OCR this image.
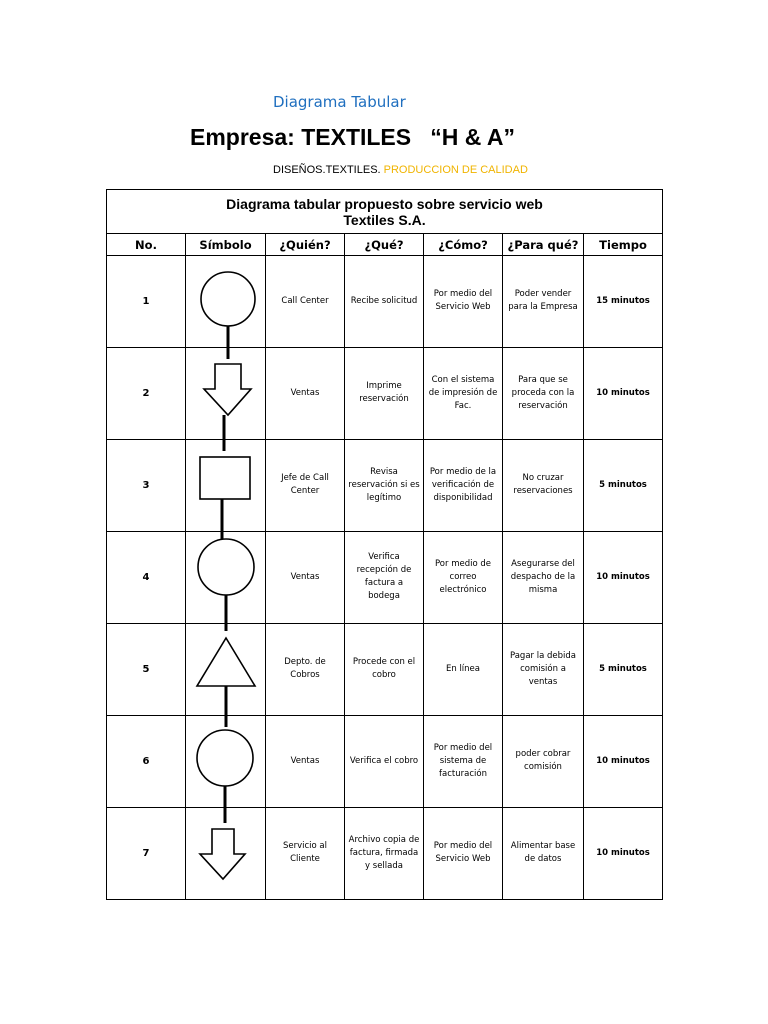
Diagrama Tabular
Empresa: TEXTILES   “H & A”
DISEÑOS.TEXTILES. PRODUCCION DE CALIDAD
Diagrama tabular propuesto sobre servicio web
Textiles S.A.						

No.	Símbolo	¿Quién?	¿Qué?	¿Cómo?	¿Para qué?	Tiempo
1		Call Center	Recibe solicitud	Por medio del Servicio Web	Poder vender para la Empresa	15 minutos
2		Ventas	Imprime reservación	Con el sistema de impresión de Fac.	Para que se proceda con la reservación	10 minutos
3		Jefe de Call Center	Revisa reservación si es legítimo	Por medio de la verificación de disponibilidad	No cruzar reservaciones	5 minutos
4		Ventas	Verifica recepción de factura a bodega	Por medio de correo electrónico	Asegurarse del despacho de la misma	10 minutos
5		Depto. de Cobros	Procede con el cobro	En línea	Pagar la debida comisión a ventas	5 minutos
6		Ventas	Verifica el cobro	Por medio del sistema de facturación	poder cobrar comisión	10 minutos
7		Servicio al Cliente	Archivo copia de factura, firmada y sellada	Por medio del Servicio Web	Alimentar base de datos	10 minutos
